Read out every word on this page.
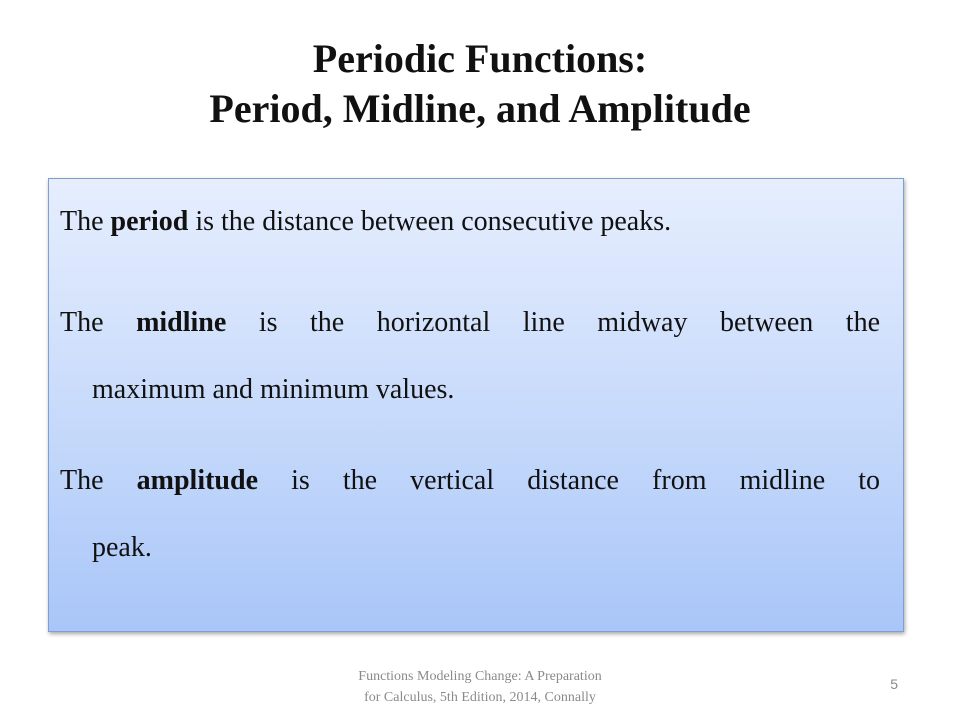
Periodic Functions:
Period, Midline, and Amplitude

The period is the distance between consecutive peaks.

The midline is the horizontal line midway between the
maximum and minimum values.

The amplitude is the vertical distance from midline to
peak.

Functions Modeling Change: A Preparation
for Calculus, 5th Edition, 2014, Connally
5
